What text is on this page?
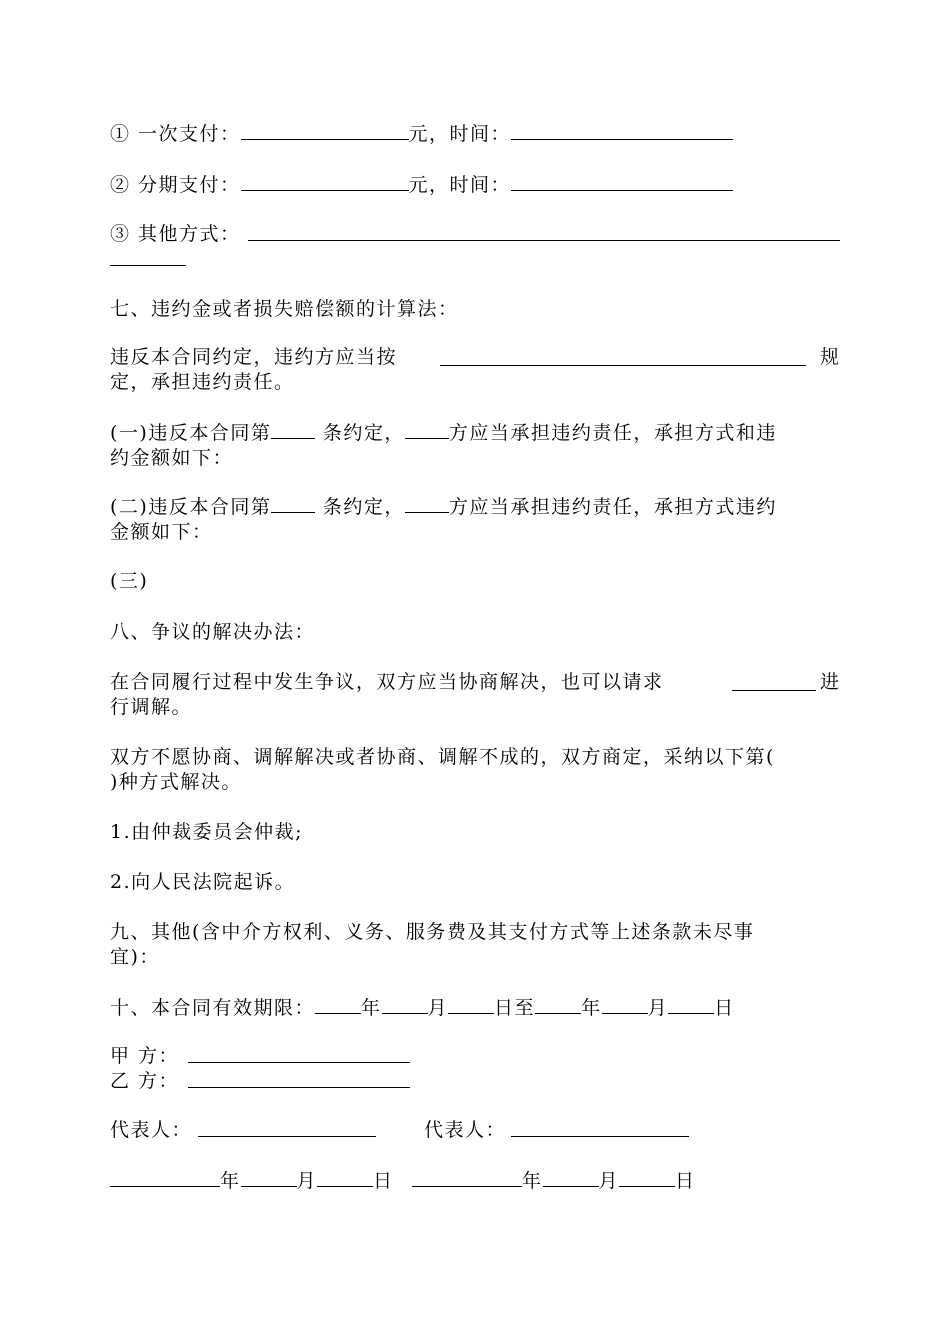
① 一次支付：	元，时间：
② 分期支付：	元，时间：
③ 其他方式：
七、违约金或者损失赔偿额的计算法：
违反本合同约定，违约方应当按	规
定，承担违约责任。
(一)违反本合同第	条约定， 方应当承担违约责任，承担方式和违
约金额如下：
(二)违反本合同第	条约定， 方应当承担违约责任，承担方式违约
金额如下：
(三)
八、争议的解决办法：
在合同履行过程中发生争议，双方应当协商解决，也可以请求	进
行调解。
双方不愿协商、调解解决或者协商、调解不成的，双方商定，采纳以下第(
)种方式解决。
1.由仲裁委员会仲裁;
2.向人民法院起诉。
九、其他(含中介方权利、义务、服务费及其支付方式等上述条款未尽事
宜)：
十、本合同有效期限： 年 月 日至 年 月 日
甲 方：
乙 方：
代表人：	代表人：
年	月	日	年	月	日
